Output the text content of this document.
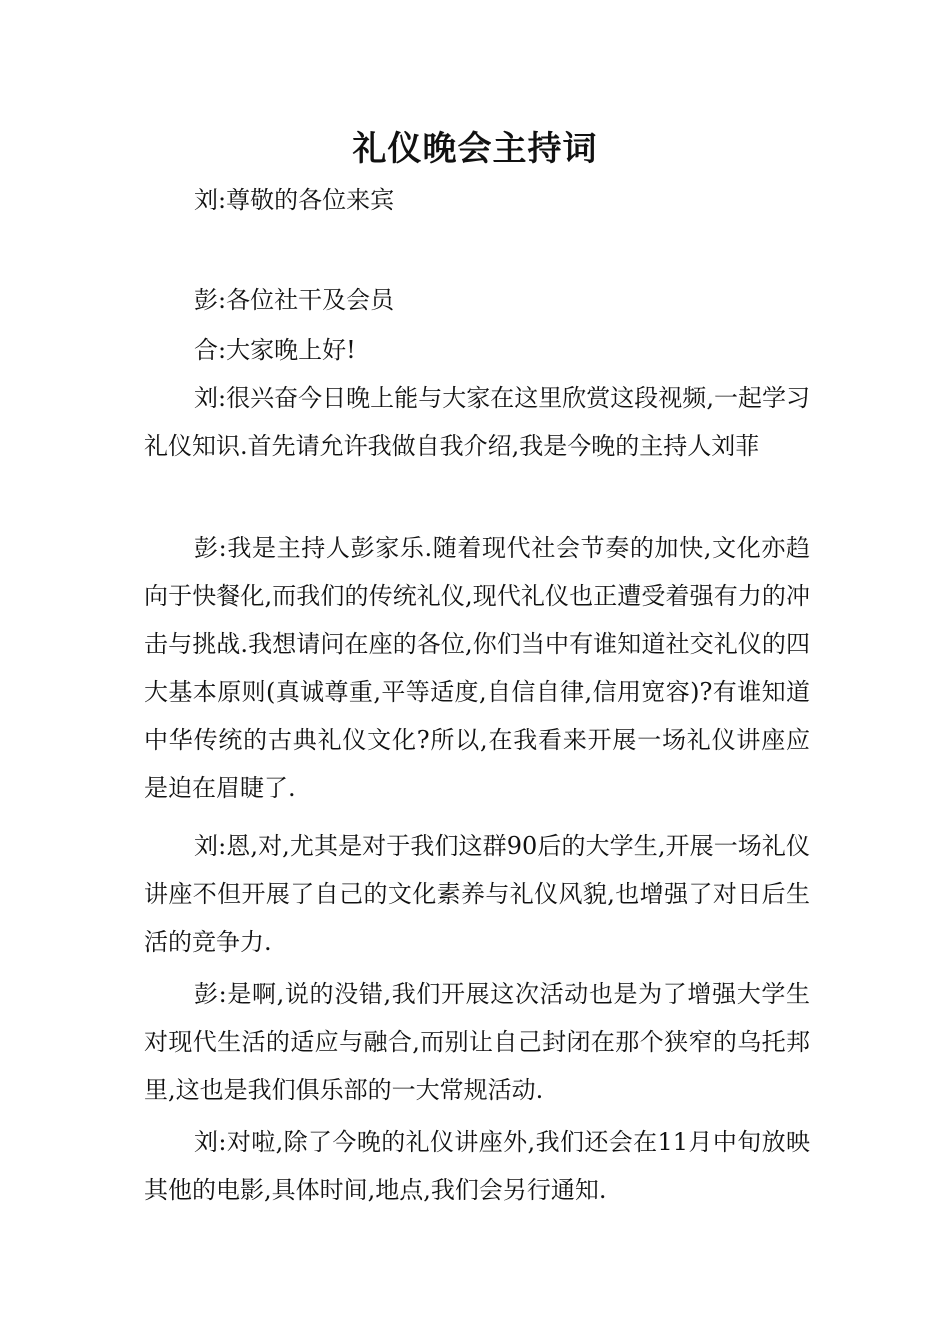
礼仪晚会主持词

刘:尊敬的各位来宾

彭:各位社干及会员

合:大家晚上好!

刘:很兴奋今日晚上能与大家在这里欣赏这段视频,一起学习礼仪知识.首先请允许我做自我介绍,我是今晚的主持人刘菲

彭:我是主持人彭家乐.随着现代社会节奏的加快,文化亦趋向于快餐化,而我们的传统礼仪,现代礼仪也正遭受着强有力的冲击与挑战.我想请问在座的各位,你们当中有谁知道社交礼仪的四大基本原则(真诚尊重,平等适度,自信自律,信用宽容)?有谁知道中华传统的古典礼仪文化?所以,在我看来开展一场礼仪讲座应是迫在眉睫了.

刘:恩,对,尤其是对于我们这群90后的大学生,开展一场礼仪讲座不但开展了自己的文化素养与礼仪风貌,也增强了对日后生活的竞争力.

彭:是啊,说的没错,我们开展这次活动也是为了增强大学生对现代生活的适应与融合,而别让自己封闭在那个狭窄的乌托邦里,这也是我们俱乐部的一大常规活动.

刘:对啦,除了今晚的礼仪讲座外,我们还会在11月中旬放映其他的电影,具体时间,地点,我们会另行通知.
